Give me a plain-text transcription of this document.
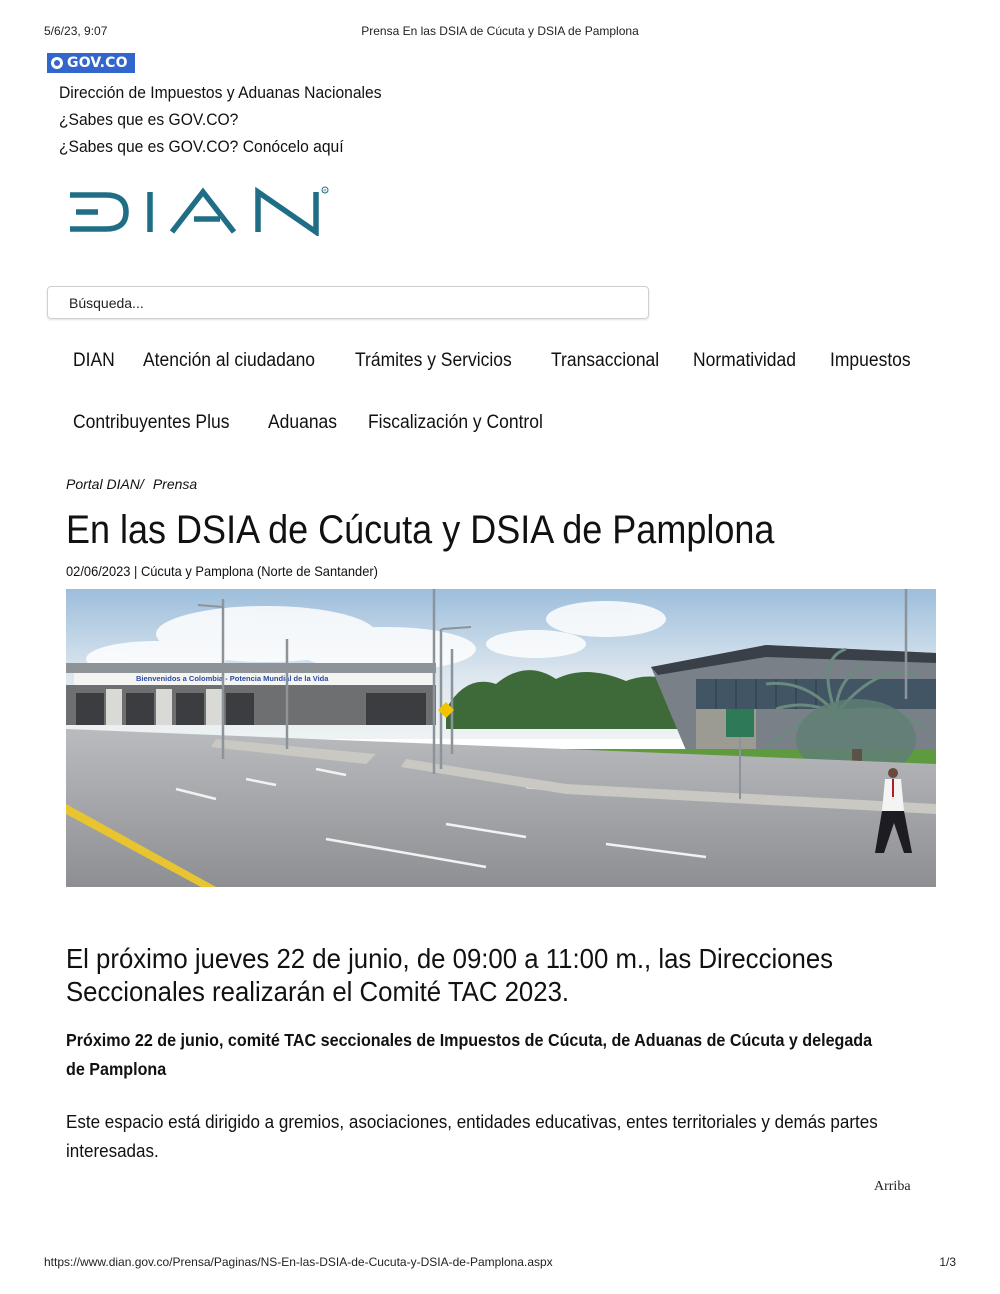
5/6/23, 9:07	Prensa En las DSIA de Cúcuta y DSIA de Pamplona
GOV.CO
Dirección de Impuestos y Aduanas Nacionales
¿Sabes que es GOV.CO?
¿Sabes que es GOV.CO? Conócelo aquí
R
Búsqueda...
DIAN Atención al ciudadano Trámites y Servicios Transaccional Normatividad Impuestos
Contribuyentes Plus Aduanas Fiscalización y Control
Portal DIAN/ Prensa
En las DSIA de Cúcuta y DSIA de Pamplona
02/06/2023 | Cúcuta y Pamplona (Norte de Santander)
Bienvenidos a Colombia - Potencia Mundial de la Vida
El próximo jueves 22 de junio, de 09:00 a 11:00 m., las Direcciones Seccionales realizarán el Comité TAC 2023.
Próximo 22 de junio, comité TAC seccionales de Impuestos de Cúcuta, de Aduanas de Cúcuta y delegada de Pamplona
Este espacio está dirigido a gremios, asociaciones, entidades educativas, entes territoriales y demás partes interesadas.
Arriba
https://www.dian.gov.co/Prensa/Paginas/NS-En-las-DSIA-de-Cucuta-y-DSIA-de-Pamplona.aspx	1/3
